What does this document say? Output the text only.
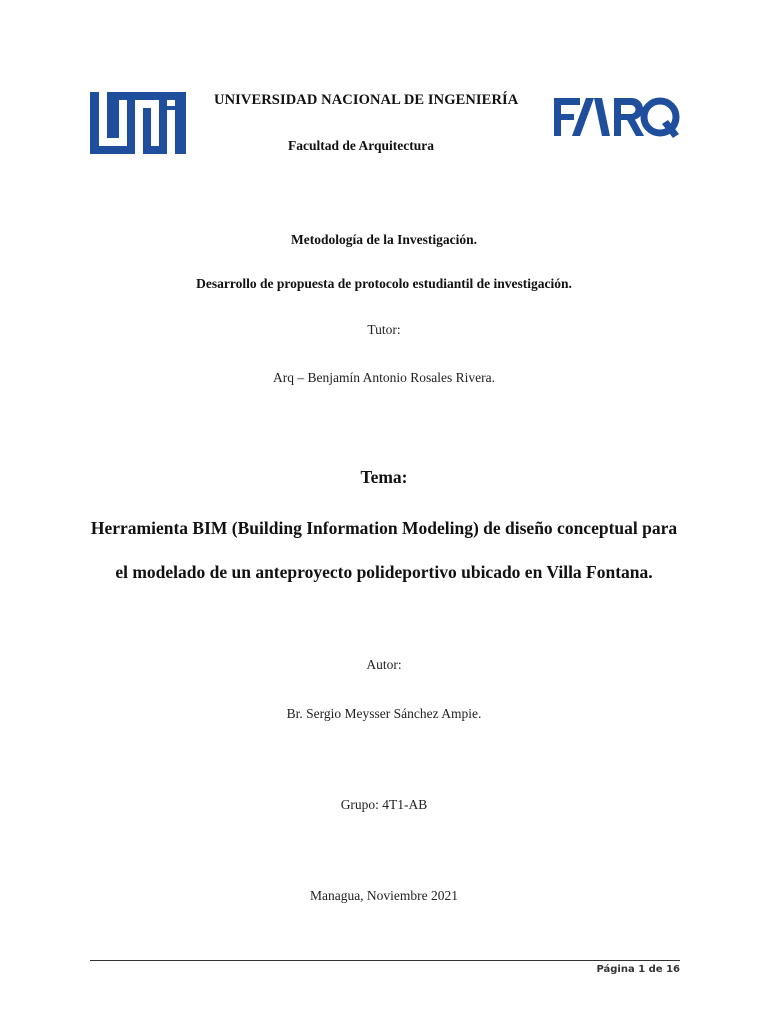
UNIVERSIDAD NACIONAL DE INGENIERÍA
Facultad de Arquitectura
Metodología de la Investigación.
Desarrollo de propuesta de protocolo estudiantil de investigación.
Tutor:
Arq – Benjamín Antonio Rosales Rivera.
Tema:
Herramienta BIM (Building Information Modeling) de diseño conceptual para
el modelado de un anteproyecto polideportivo ubicado en Villa Fontana.
Autor:
Br. Sergio Meysser Sánchez Ampie.
Grupo: 4T1-AB
Managua, Noviembre 2021
Página 1 de 16
